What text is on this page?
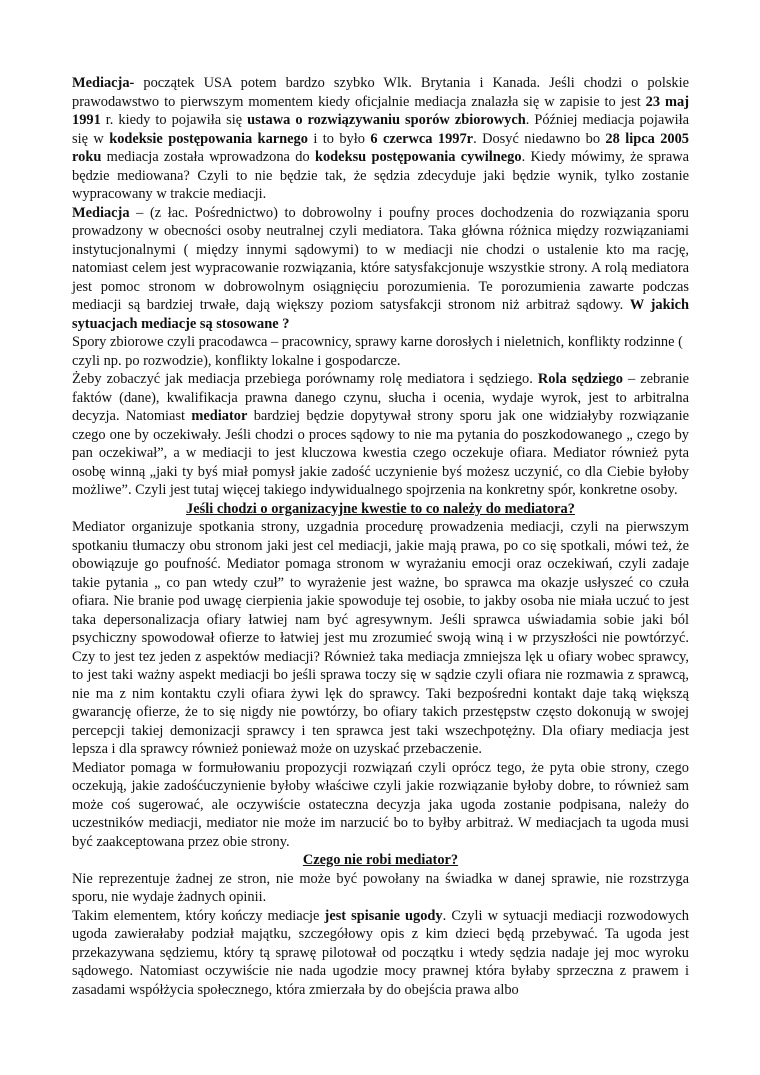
Mediacja- początek USA potem bardzo szybko Wlk. Brytania i Kanada. Jeśli chodzi o polskie prawodawstwo to pierwszym momentem kiedy oficjalnie mediacja znalazła się w zapisie to jest 23 maj 1991 r. kiedy to pojawiła się ustawa o rozwiązywaniu sporów zbiorowych. Później mediacja pojawiła się w kodeksie postępowania karnego i to było 6 czerwca 1997r. Dosyć niedawno bo 28 lipca 2005 roku mediacja została wprowadzona do kodeksu postępowania cywilnego. Kiedy mówimy, że sprawa będzie mediowana? Czyli to nie będzie tak, że sędzia zdecyduje jaki będzie wynik, tylko zostanie wypracowany w trakcie mediacji.

Mediacja – (z łac. Pośrednictwo) to dobrowolny i poufny proces dochodzenia do rozwiązania sporu prowadzony w obecności osoby neutralnej czyli mediatora. Taka główna różnica między rozwiązaniami instytucjonalnymi ( między innymi sądowymi) to w mediacji nie chodzi o ustalenie kto ma rację, natomiast celem jest wypracowanie rozwiązania, które satysfakcjonuje wszystkie strony. A rolą mediatora jest pomoc stronom w dobrowolnym osiągnięciu porozumienia. Te porozumienia zawarte podczas mediacji są bardziej trwałe, dają większy poziom satysfakcji stronom niż arbitraż sądowy. W jakich sytuacjach mediacje są stosowane ?

Spory zbiorowe czyli pracodawca – pracownicy, sprawy karne dorosłych i nieletnich, konflikty rodzinne ( czyli np. po rozwodzie), konflikty lokalne i gospodarcze.

Żeby zobaczyć jak mediacja przebiega porównamy rolę mediatora i sędziego. Rola sędziego – zebranie faktów (dane), kwalifikacja prawna danego czynu, słucha i ocenia, wydaje wyrok, jest to arbitralna decyzja. Natomiast mediator bardziej będzie dopytywał strony sporu jak one widziałyby rozwiązanie czego one by oczekiwały. Jeśli chodzi o proces sądowy to nie ma pytania do poszkodowanego „ czego by pan oczekiwał”, a w mediacji to jest kluczowa kwestia czego oczekuje ofiara. Mediator również pyta osobę winną „jaki ty byś miał pomysł jakie zadość uczynienie byś możesz uczynić, co dla Ciebie byłoby możliwe”. Czyli jest tutaj więcej takiego indywidualnego spojrzenia na konkretny spór, konkretne osoby.

Jeśli chodzi o organizacyjne kwestie to co należy do mediatora?

Mediator organizuje spotkania strony, uzgadnia procedurę prowadzenia mediacji, czyli na pierwszym spotkaniu tłumaczy obu stronom jaki jest cel mediacji, jakie mają prawa, po co się spotkali, mówi też, że obowiązuje go poufność. Mediator pomaga stronom w wyrażaniu emocji oraz oczekiwań, czyli zadaje takie pytania „ co pan wtedy czuł” to wyrażenie jest ważne, bo sprawca ma okazje usłyszeć co czuła ofiara. Nie branie pod uwagę cierpienia jakie spowoduje tej osobie, to jakby osoba nie miała uczuć to jest taka depersonalizacja ofiary łatwiej nam być agresywnym. Jeśli sprawca uświadamia sobie jaki ból psychiczny spowodował ofierze to łatwiej jest mu zrozumieć swoją winą i w przyszłości nie powtórzyć. Czy to jest tez jeden z aspektów mediacji? Również taka mediacja zmniejsza lęk u ofiary wobec sprawcy, to jest taki ważny aspekt mediacji bo jeśli sprawa toczy się w sądzie czyli ofiara nie rozmawia z sprawcą, nie ma z nim kontaktu czyli ofiara żywi lęk do sprawcy. Taki bezpośredni kontakt daje taką większą gwarancję ofierze, że to się nigdy nie powtórzy, bo ofiary takich przestępstw często dokonują w swojej percepcji takiej demonizacji sprawcy i ten sprawca jest taki wszechpotężny. Dla ofiary mediacja jest lepsza i dla sprawcy również ponieważ może on uzyskać przebaczenie.

Mediator pomaga w formułowaniu propozycji rozwiązań czyli oprócz tego, że pyta obie strony, czego oczekują, jakie zadośćuczynienie byłoby właściwe czyli jakie rozwiązanie byłoby dobre, to również sam może coś sugerować, ale oczywiście ostateczna decyzja jaka ugoda zostanie podpisana, należy do uczestników mediacji, mediator nie może im narzucić bo to byłby arbitraż. W mediacjach ta ugoda musi być zaakceptowana przez obie strony.

Czego nie robi mediator?

Nie reprezentuje żadnej ze stron, nie może być powołany na świadka w danej sprawie, nie rozstrzyga sporu, nie wydaje żadnych opinii.

Takim elementem, który kończy mediacje jest spisanie ugody. Czyli w sytuacji mediacji rozwodowych ugoda zawierałaby podział majątku, szczegółowy opis z kim dzieci będą przebywać. Ta ugoda jest przekazywana sędziemu, który tą sprawę pilotował od początku i wtedy sędzia nadaje jej moc wyroku sądowego. Natomiast oczywiście nie nada ugodzie mocy prawnej która byłaby sprzeczna z prawem i zasadami współżycia społecznego, która zmierzała by do obejścia prawa albo
